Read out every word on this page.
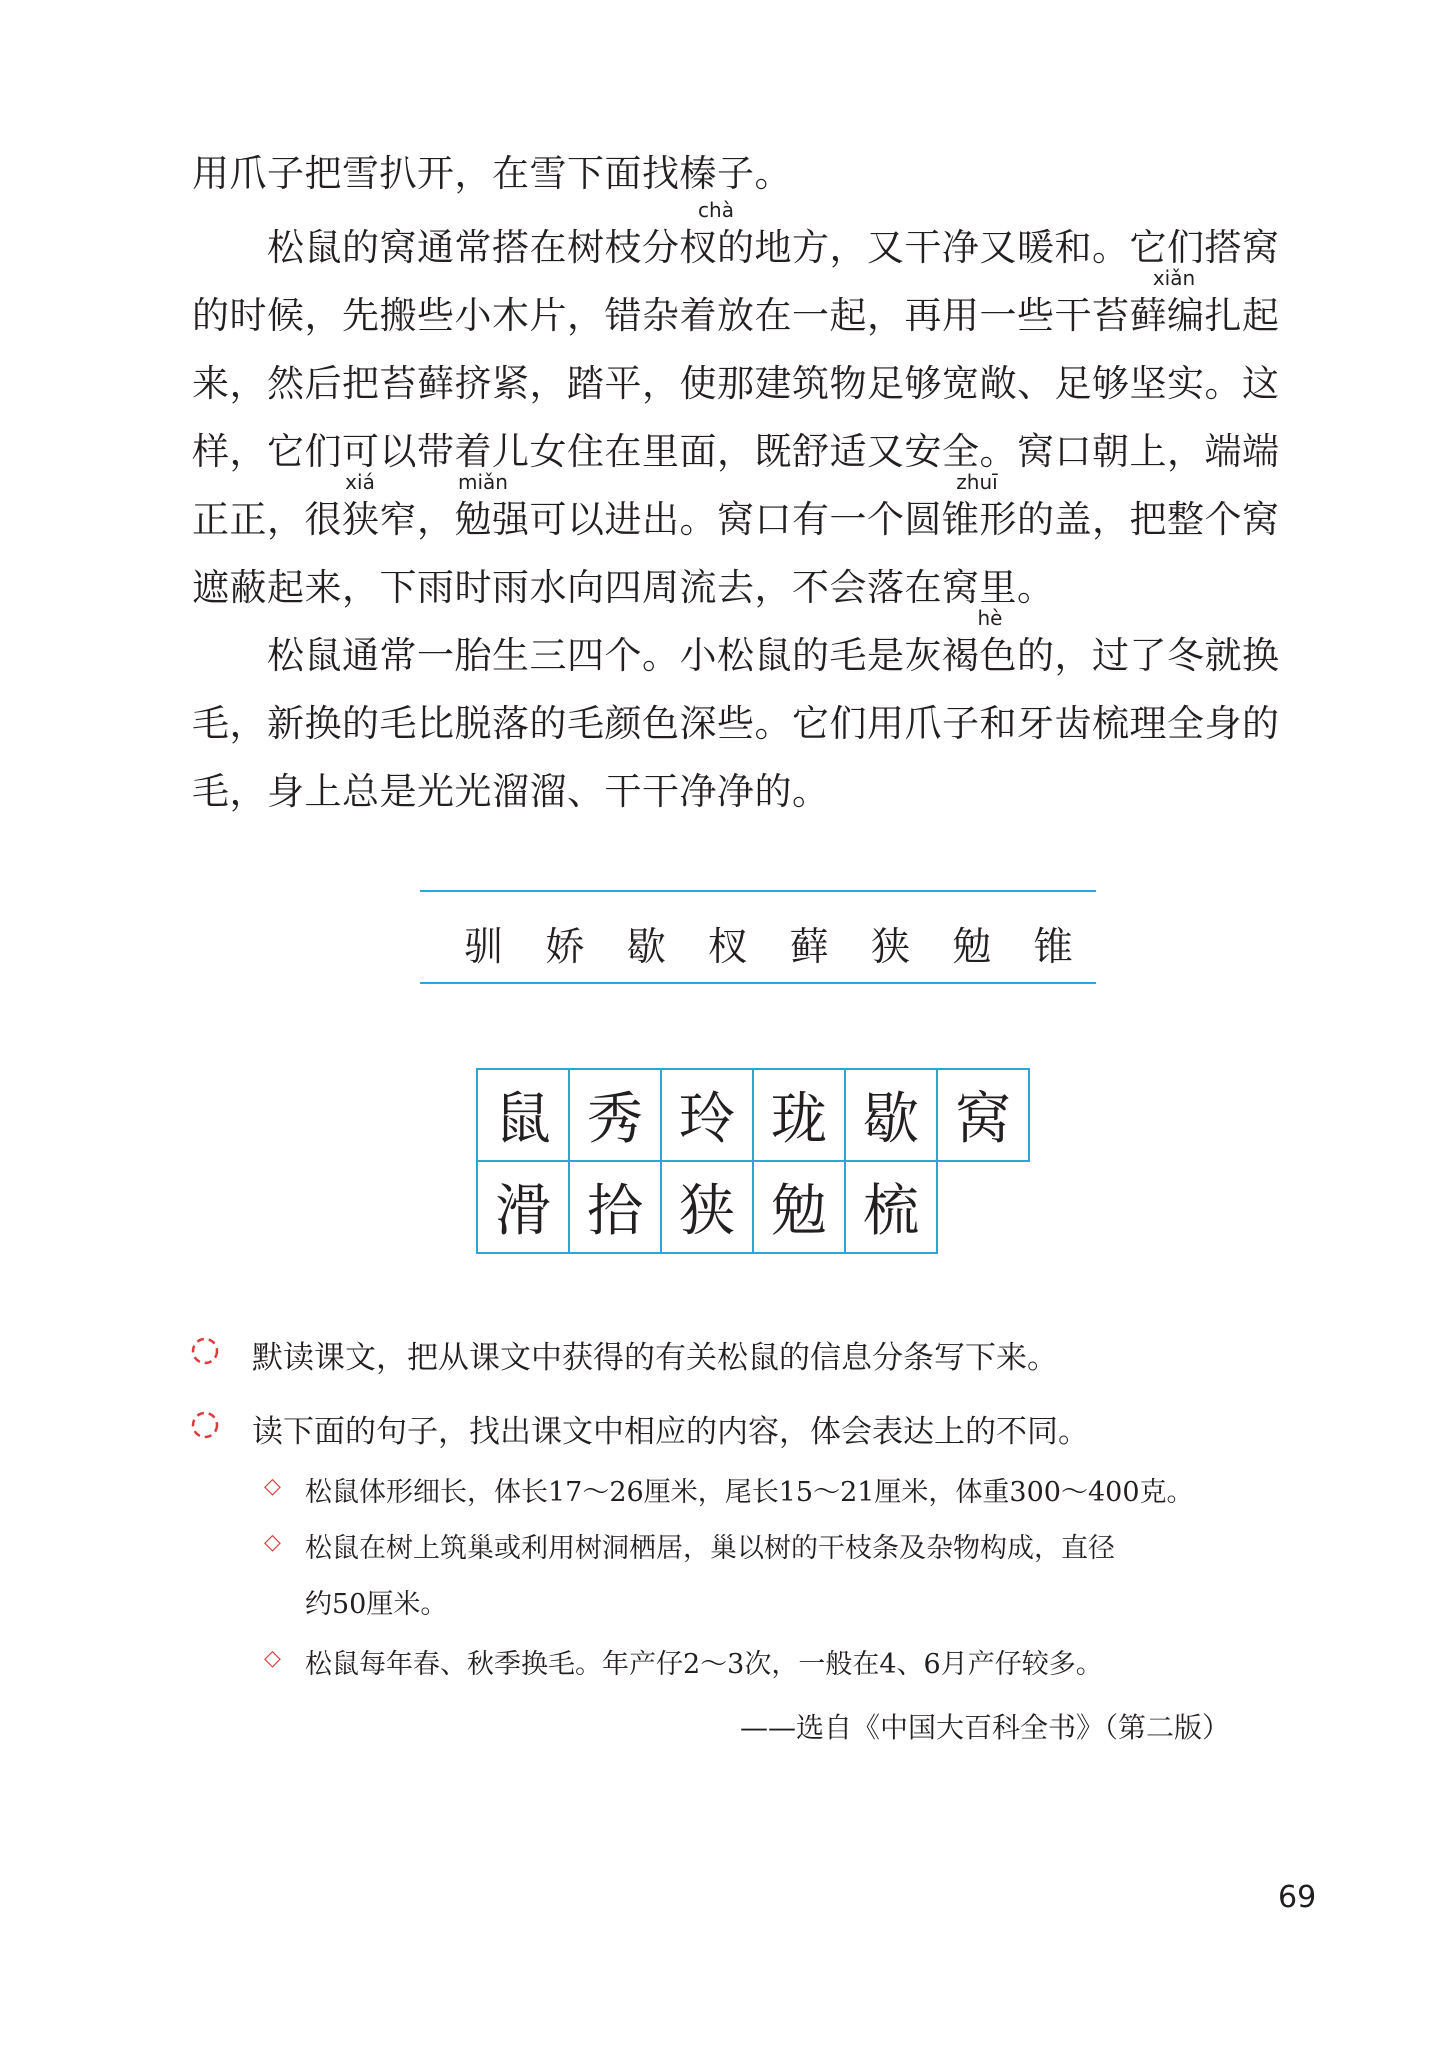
用爪子把雪扒开，在雪下面找榛子。

chà

　　松鼠的窝通常搭在树枝分杈的地方，又干净又暖和。它们搭窝

xiǎn

的时候，先搬些小木片，错杂着放在一起，再用一些干苔藓编扎起

来，然后把苔藓挤紧，踏平，使那建筑物足够宽敞、足够坚实。这

样，它们可以带着儿女住在里面，既舒适又安全。窝口朝上，端端

xiá	miǎn	zhuī

正正，很狭窄，勉强可以进出。窝口有一个圆锥形的盖，把整个窝

遮蔽起来，下雨时雨水向四周流去，不会落在窝里。

hè

　　松鼠通常一胎生三四个。小松鼠的毛是灰褐色的，过了冬就换

毛，新换的毛比脱落的毛颜色深些。它们用爪子和牙齿梳理全身的

毛，身上总是光光溜溜、干干净净的。

驯 娇 歇 杈 藓 狭 勉 锥
鼠	秀	玲	珑	歇	窝
滑	拾	狭	勉	梳
默读课文，把从课文中获得的有关松鼠的信息分条写下来。
读下面的句子，找出课文中相应的内容，体会表达上的不同。
◇ 松鼠体形细长，体长17～26厘米，尾长15～21厘米，体重300～400克。
◇ 松鼠在树上筑巢或利用树洞栖居，巢以树的干枝条及杂物构成，直径
约50厘米。
◇ 松鼠每年春、秋季换毛。年产仔2～3次，一般在4、6月产仔较多。
——选自《中国大百科全书》（第二版）
69
